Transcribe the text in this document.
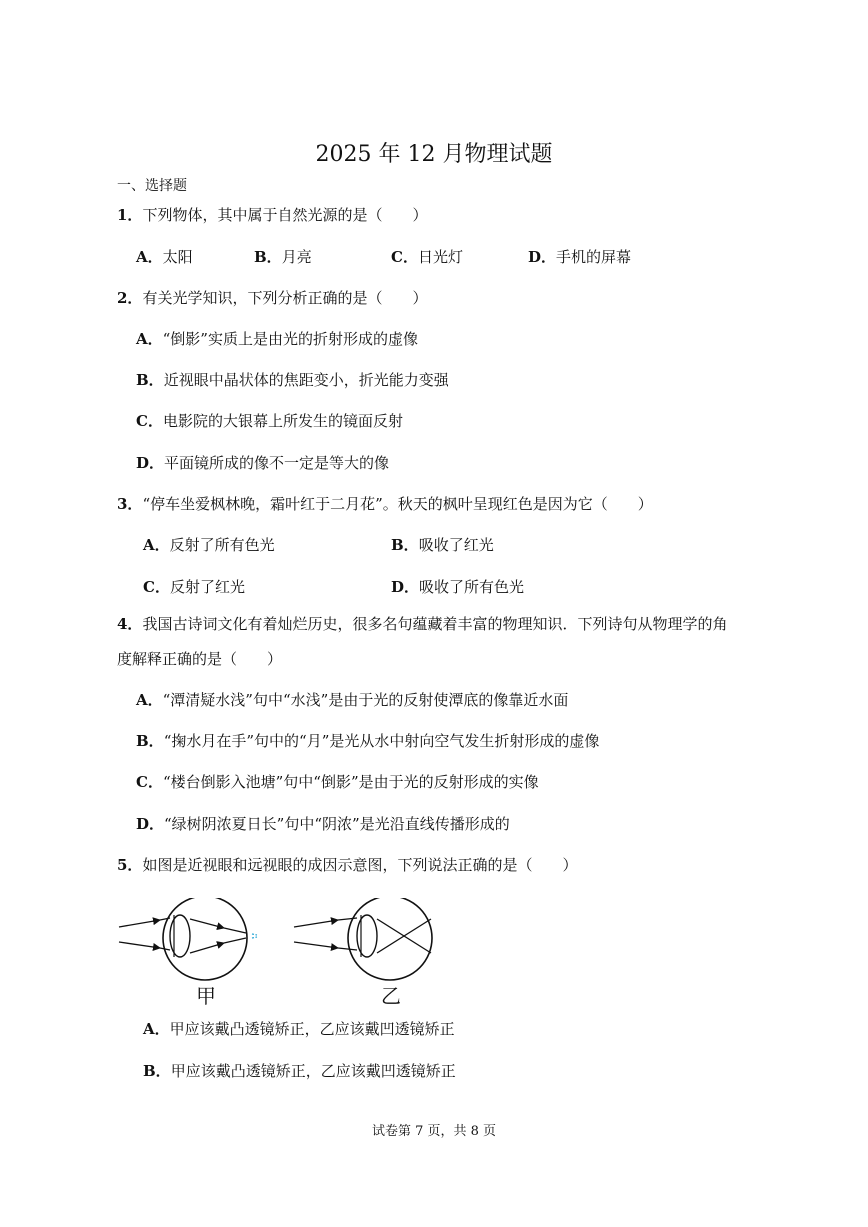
2025 年 12 月物理试题
一、选择题
1．下列物体，其中属于自然光源的是（　　）
A．太阳	B．月亮	C．日光灯	D．手机的屏幕
2．有关光学知识，下列分析正确的是（　　）
A．“倒影”实质上是由光的折射形成的虚像
B．近视眼中晶状体的焦距变小，折光能力变强
C．电影院的大银幕上所发生的镜面反射
D．平面镜所成的像不一定是等大的像
3．“停车坐爱枫林晚，霜叶红于二月花”。秋天的枫叶呈现红色是因为它（　　）
A．反射了所有色光	B．吸收了红光
C．反射了红光	D．吸收了所有色光
4．我国古诗词文化有着灿烂历史，很多名句蕴藏着丰富的物理知识．下列诗句从物理学的角
度解释正确的是（　　）
A．“潭清疑水浅”句中“水浅”是由于光的反射使潭底的像靠近水面
B．“掬水月在手”句中的“月”是光从水中射向空气发生折射形成的虚像
C．“楼台倒影入池塘”句中“倒影”是由于光的反射形成的实像
D．“绿树阴浓夏日长”句中“阴浓”是光沿直线传播形成的
5．如图是近视眼和远视眼的成因示意图，下列说法正确的是（　　）
甲	乙
A．甲应该戴凸透镜矫正，乙应该戴凹透镜矫正
B．甲应该戴凸透镜矫正，乙应该戴凹透镜矫正
试卷第 7 页，共 8 页
